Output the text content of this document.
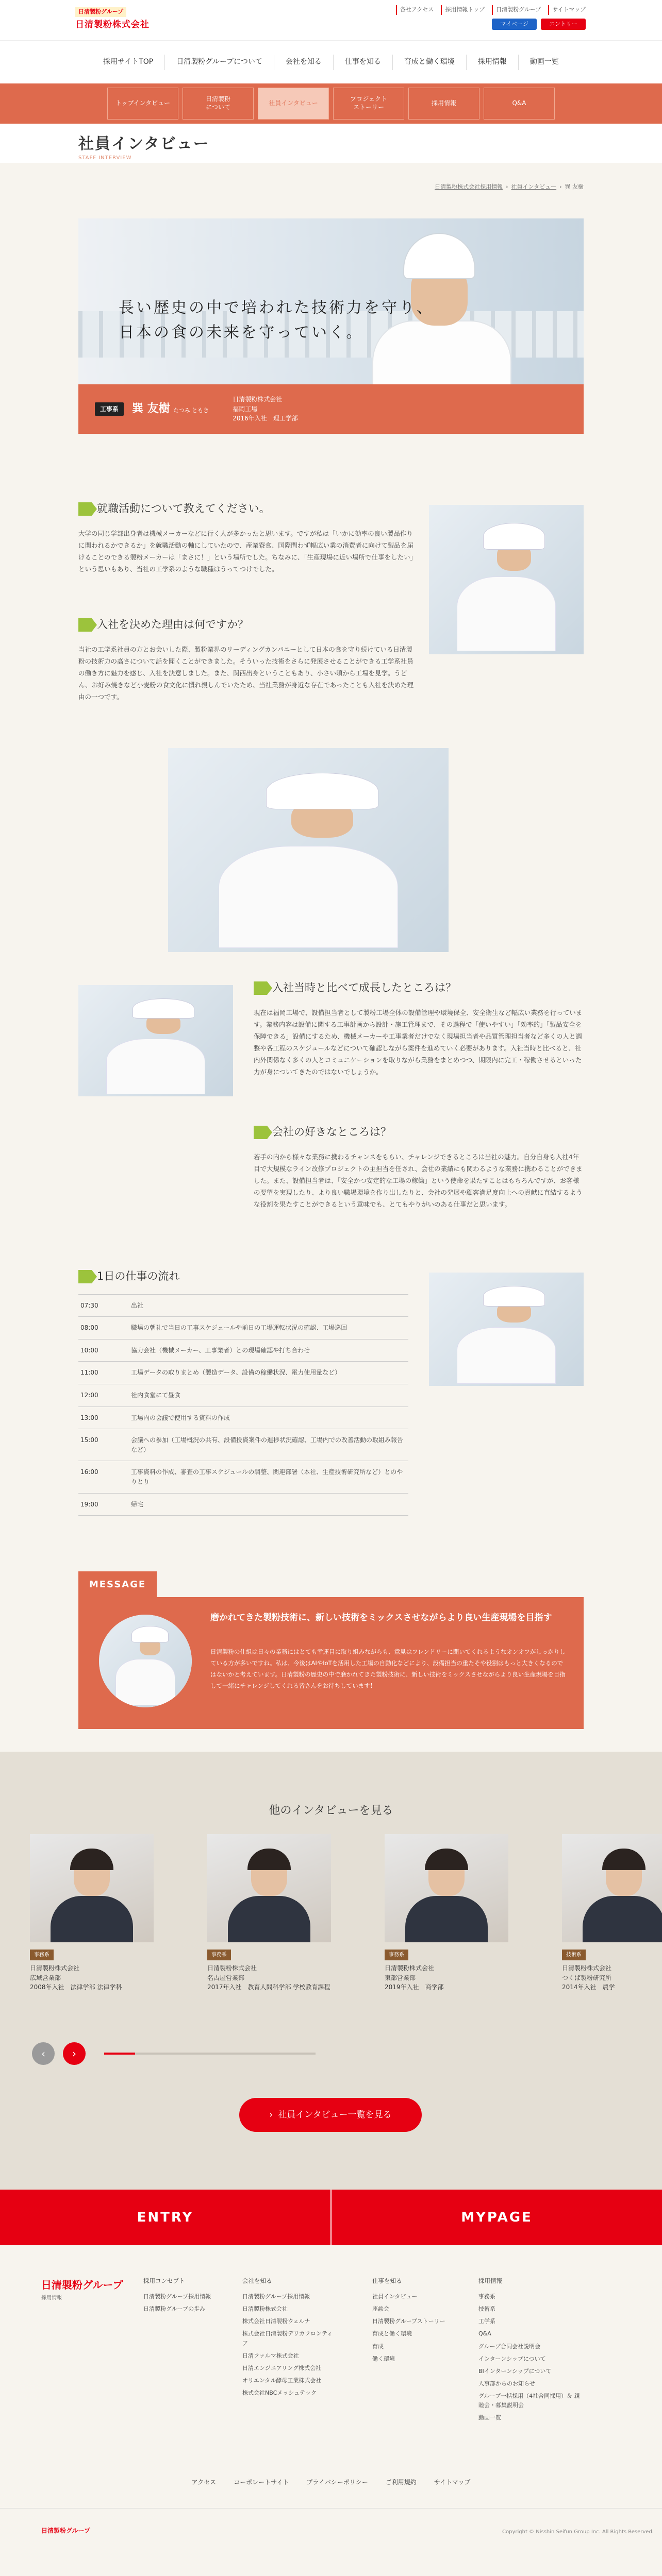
日清製粉グループ
日清製粉株式会社
各社アクセス	採用情報トップ	日清製粉グループ	サイトマップ
マイページ	エントリー
採用サイトTOP	日清製粉グループについて	会社を知る	仕事を知る	育成と働く環境	採用情報	動画一覧
トップインタビュー
日清製粉
について
社員インタビュー
プロジェクト
ストーリー
採用情報	Q&A
社員インタビュー
STAFF INTERVIEW
日清製粉株式会社採用情報 › 社員インタビュー › 巽 友樹
長い歴史の中で培われた技術力を守り、
日本の食の未来を守っていく。
工事系	巽 友樹 たつみ ともき
日清製粉株式会社
福岡工場
2016年入社　理工学部
就職活動について教えてください。

大学の同じ学部出身者は機械メーカーなどに行く人が多かったと思います。ですが私は「いかに効率の良い製品作りに関われるかできるか」を就職活動の軸にしていたので、産業寮食、国際問わず幅広い業の消費者に向けて製品を届けることのできる製粉メーカーは「まさに！」という場所でした。ちなみに、「生産現場に近い場所で仕事をしたい」という思いもあり、当社の工学系のような職種はうってつけでした。

入社を決めた理由は何ですか？

当社の工学系社員の方とお会いした際、製粉業界のリーディングカンパニーとして日本の食を守り続けている日清製粉の技術力の高さについて話を聞くことができました。そういった技術をさらに発展させることができる工学系社員の働き方に魅力を感じ、入社を決意しました。また、関西出身ということもあり、小さい頃から工場を見学。うどん、お好み焼きなど小麦粉の食文化に慣れ親しんでいたため、当社業務が身近な存在であったことも入社を決めた理由の一つです。

入社当時と比べて成長したところは？

現在は福岡工場で、設備担当者として製粉工場全体の設備管理や環境保全、安全衛生など幅広い業務を行っています。業務内容は設備に関する工事計画から設計・施工管理まで、その過程で「使いやすい」「効率的」「製品安全を保障できる」設備にするため、機械メーカーや工事業者だけでなく現場担当者や品質管理担当者など多くの人と調整や各工程のスケジュールなどについて確認しながら案件を進めていく必要があります。入社当時と比べると、社内外関係なく多くの人とコミュニケーションを取りながら業務をまとめつつ、期限内に完工・稼働させるといった力が身についてきたのではないでしょうか。

会社の好きなところは？

若手の内から様々な業務に携わるチャンスをもらい、チャレンジできるところは当社の魅力。自分自身も入社4年目で大規模なライン改修プロジェクトの主担当を任され、会社の業績にも関わるような業務に携わることができました。また、設備担当者は、「安全かつ安定的な工場の稼働」という使命を果たすことはもちろんですが、お客様の要望を実現したり、より良い職場環境を作り出したりと、会社の発展や顧客満足度向上への貢献に直結するような役割を果たすことができるという意味でも、とてもやりがいのある仕事だと思います。

1日の仕事の流れ
07:30	出社
08:00	職場の朝礼で当日の工事スケジュールや前日の工場運転状況の確認、工場巡回
10:00	協力会社（機械メーカー、工事業者）との現場確認や打ち合わせ
11:00	工場データの取りまとめ（製造データ、設備の稼働状況、電力使用量など）
12:00	社内食堂にて昼食
13:00	工場内の会議で使用する資料の作成
15:00	会議への参加（工場概況の共有、設備投資案件の進捗状況確認、工場内での改善活動の取組み報告など）
16:00	工事資料の作成、審査の工事スケジュールの調整、関連部署（本社、生産技術研究所など）とのやりとり
19:00	帰宅
磨かれてきた製粉技術に、新しい技術をミックスさせながらより良い生産現場を目指す
日清製粉の仕組は日々の業務にはとても幸運目に取り組みながらも、意見はフレンドリーに聞いてくれるようなオンオフがしっかりしている方が多いですね。私は、今後はAIやIoTを活用した工場の自動化などにより、設備担当の重たそや役割はもっと大きくなるのではないかと考えています。日清製粉の歴史の中で磨かれてきた製粉技術に、新しい技術をミックスさせながらより良い生産現場を目指して一緒にチャレンジしてくれる皆さんをお待ちしています！
MESSAGE
他のインタビューを見る
事務系
日清製粉株式会社
広域営業部
2008年入社　法律学部 法律学科
事務系
日清製粉株式会社
名古屋営業部
2017年入社　教育人間科学部 学校教育課程
事務系
日清製粉株式会社
東部営業部
2019年入社　商学部
技術系
日清製粉株式会社
つくば製粉研究所
2014年入社　農学
‹	›
› 社員インタビュー一覧を見る
ENTRY	MYPAGE
日清製粉グループ
採用情報
採用コンセプト
日清製粉グループ採用情報
日清製粉グループの歩み
会社を知る
日清製粉グループ採用情報
日清製粉株式会社
株式会社日清製粉ウェルナ
株式会社日清製粉デリカフロンティア
日清ファルマ株式会社
日清エンジニアリング株式会社
オリエンタル酵母工業株式会社
株式会社NBCメッシュテック
仕事を知る
社員インタビュー
座談会
日清製粉グループストーリー
育成と働く環境
育成
働く環境
採用情報
事務系
技術系
工学系
Q&A
グループ合同会社説明会
インターンシップについて
BIインターンシップについて
人事部からのお知らせ
グループ一括採用（4社合同採用）＆ 親睦会・募集説明会
動画一覧
アクセス	コーポレートサイト	プライバシーポリシー	ご利用規約	サイトマップ
日清製粉グループ	Copyright © Nisshin Seifun Group Inc. All Rights Reserved.
